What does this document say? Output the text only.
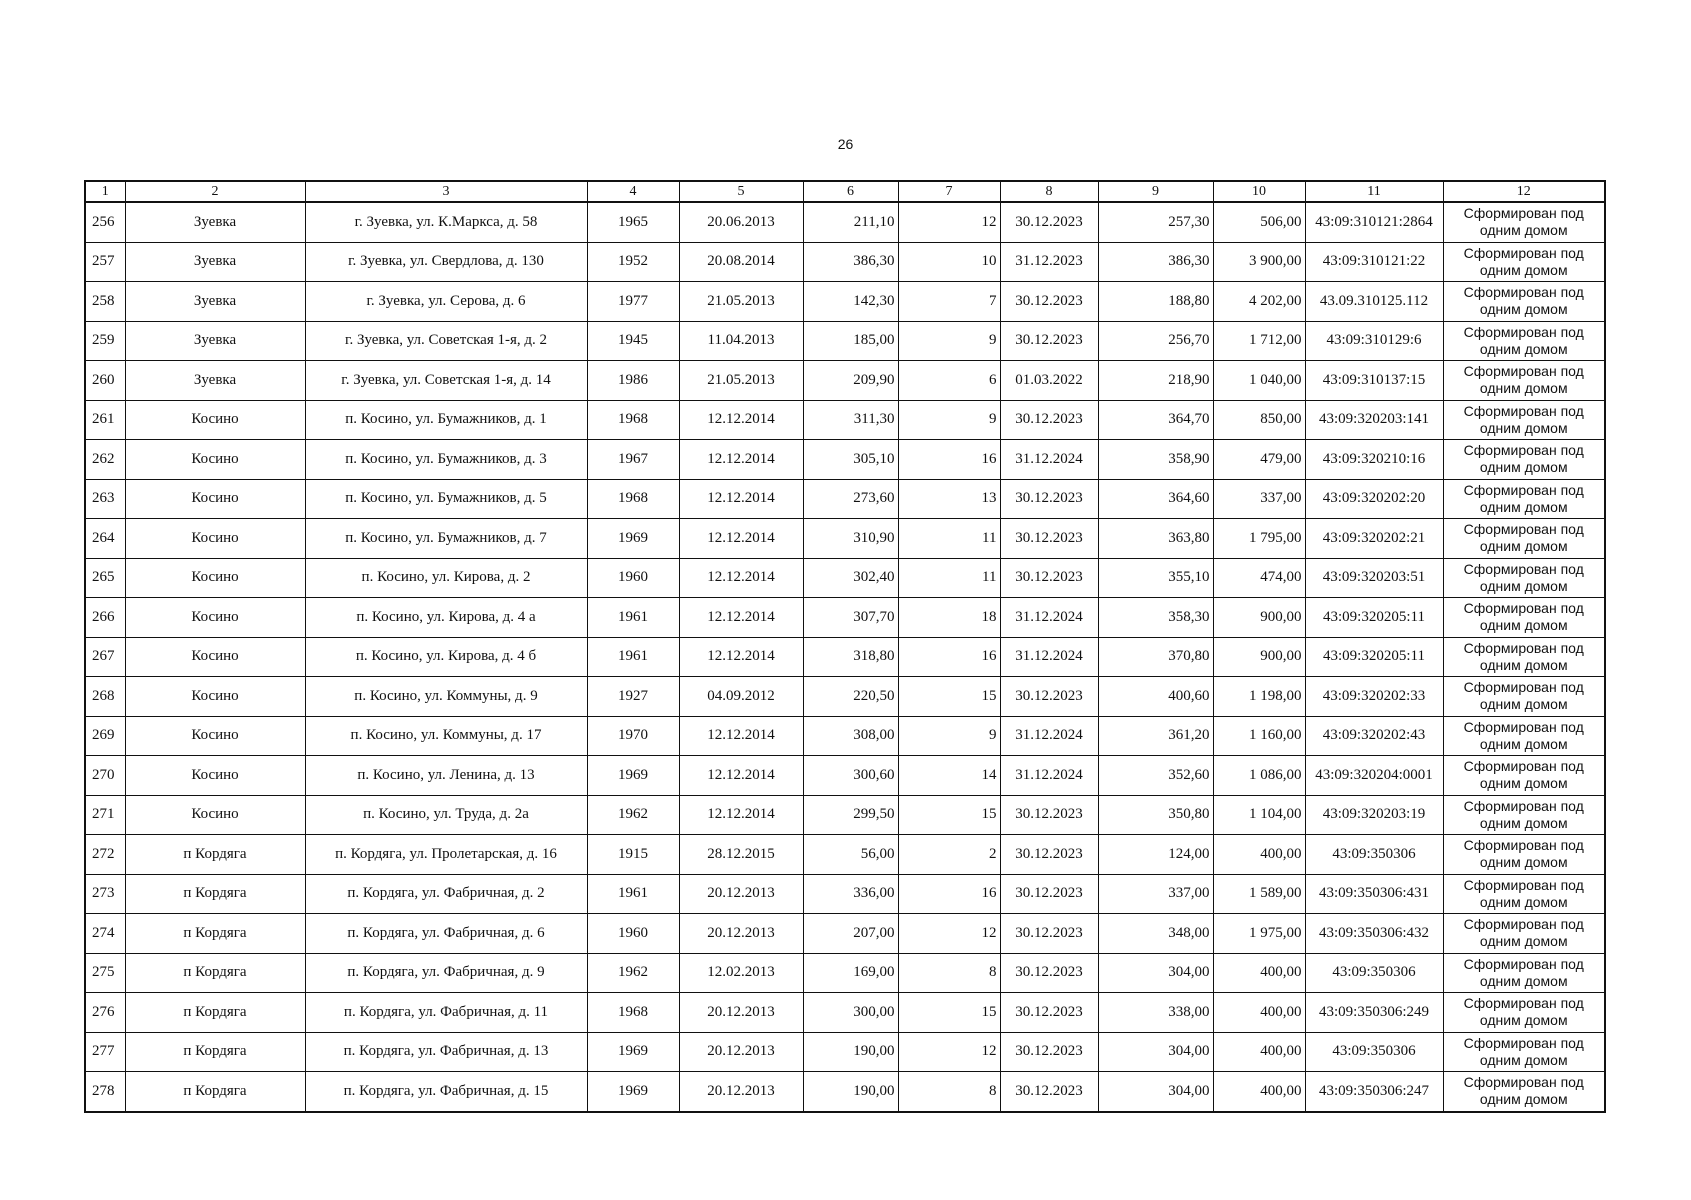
26
1	2	3	4	5	6	7	8	9	10	11	12
256	Зуевка	г. Зуевка, ул. К.Маркса, д. 58	1965	20.06.2013	211,10	12	30.12.2023	257,30	506,00	43:09:310121:2864	Сформирован под одним домом
257	Зуевка	г. Зуевка, ул. Свердлова, д. 130	1952	20.08.2014	386,30	10	31.12.2023	386,30	3 900,00	43:09:310121:22	Сформирован под одним домом
258	Зуевка	г. Зуевка, ул. Серова, д. 6	1977	21.05.2013	142,30	7	30.12.2023	188,80	4 202,00	43.09.310125.112	Сформирован под одним домом
259	Зуевка	г. Зуевка, ул. Советская 1-я, д. 2	1945	11.04.2013	185,00	9	30.12.2023	256,70	1 712,00	43:09:310129:6	Сформирован под одним домом
260	Зуевка	г. Зуевка, ул. Советская 1-я, д. 14	1986	21.05.2013	209,90	6	01.03.2022	218,90	1 040,00	43:09:310137:15	Сформирован под одним домом
261	Косино	п. Косино, ул. Бумажников, д. 1	1968	12.12.2014	311,30	9	30.12.2023	364,70	850,00	43:09:320203:141	Сформирован под одним домом
262	Косино	п. Косино, ул. Бумажников, д. 3	1967	12.12.2014	305,10	16	31.12.2024	358,90	479,00	43:09:320210:16	Сформирован под одним домом
263	Косино	п. Косино, ул. Бумажников, д. 5	1968	12.12.2014	273,60	13	30.12.2023	364,60	337,00	43:09:320202:20	Сформирован под одним домом
264	Косино	п. Косино, ул. Бумажников, д. 7	1969	12.12.2014	310,90	11	30.12.2023	363,80	1 795,00	43:09:320202:21	Сформирован под одним домом
265	Косино	п. Косино, ул. Кирова, д. 2	1960	12.12.2014	302,40	11	30.12.2023	355,10	474,00	43:09:320203:51	Сформирован под одним домом
266	Косино	п. Косино, ул. Кирова, д. 4 а	1961	12.12.2014	307,70	18	31.12.2024	358,30	900,00	43:09:320205:11	Сформирован под одним домом
267	Косино	п. Косино, ул. Кирова, д. 4 б	1961	12.12.2014	318,80	16	31.12.2024	370,80	900,00	43:09:320205:11	Сформирован под одним домом
268	Косино	п. Косино, ул. Коммуны, д. 9	1927	04.09.2012	220,50	15	30.12.2023	400,60	1 198,00	43:09:320202:33	Сформирован под одним домом
269	Косино	п. Косино, ул. Коммуны, д. 17	1970	12.12.2014	308,00	9	31.12.2024	361,20	1 160,00	43:09:320202:43	Сформирован под одним домом
270	Косино	п. Косино, ул. Ленина, д. 13	1969	12.12.2014	300,60	14	31.12.2024	352,60	1 086,00	43:09:320204:0001	Сформирован под одним домом
271	Косино	п. Косино, ул. Труда, д. 2а	1962	12.12.2014	299,50	15	30.12.2023	350,80	1 104,00	43:09:320203:19	Сформирован под одним домом
272	п Кордяга	п. Кордяга, ул. Пролетарская, д. 16	1915	28.12.2015	56,00	2	30.12.2023	124,00	400,00	43:09:350306	Сформирован под одним домом
273	п Кордяга	п. Кордяга, ул. Фабричная, д. 2	1961	20.12.2013	336,00	16	30.12.2023	337,00	1 589,00	43:09:350306:431	Сформирован под одним домом
274	п Кордяга	п. Кордяга, ул. Фабричная, д. 6	1960	20.12.2013	207,00	12	30.12.2023	348,00	1 975,00	43:09:350306:432	Сформирован под одним домом
275	п Кордяга	п. Кордяга, ул. Фабричная, д. 9	1962	12.02.2013	169,00	8	30.12.2023	304,00	400,00	43:09:350306	Сформирован под одним домом
276	п Кордяга	п. Кордяга, ул. Фабричная, д. 11	1968	20.12.2013	300,00	15	30.12.2023	338,00	400,00	43:09:350306:249	Сформирован под одним домом
277	п Кордяга	п. Кордяга, ул. Фабричная, д. 13	1969	20.12.2013	190,00	12	30.12.2023	304,00	400,00	43:09:350306	Сформирован под одним домом
278	п Кордяга	п. Кордяга, ул. Фабричная, д. 15	1969	20.12.2013	190,00	8	30.12.2023	304,00	400,00	43:09:350306:247	Сформирован под одним домом
